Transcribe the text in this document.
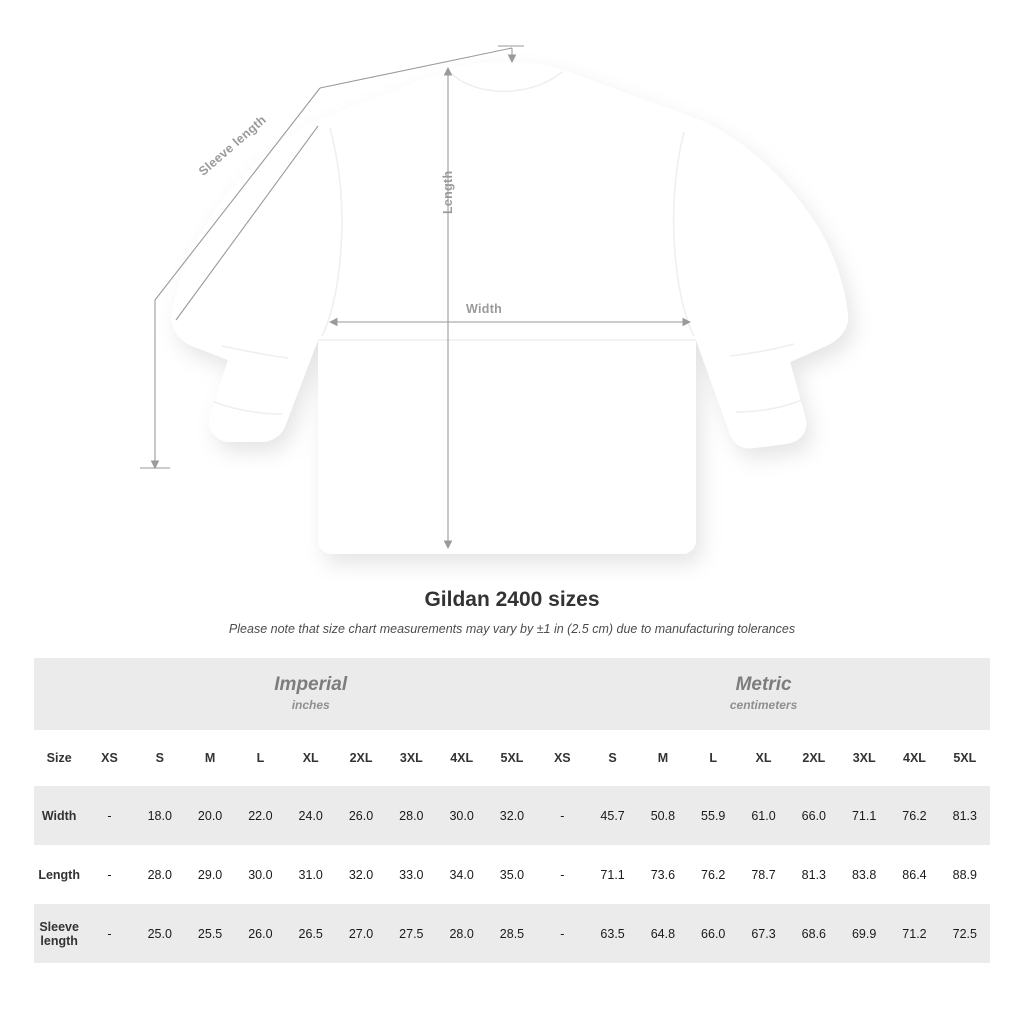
Width
Length
Sleeve length
Gildan 2400 sizes

Please note that size chart measurements may vary by ±1 in (2.5 cm) due to manufacturing tolerances

	Imperial
inches									Metric
centimeters								

Size	XS	S	M	L	XL	2XL	3XL	4XL	5XL	XS	S	M	L	XL	2XL	3XL	4XL	5XL
Width	-	18.0	20.0	22.0	24.0	26.0	28.0	30.0	32.0	-	45.7	50.8	55.9	61.0	66.0	71.1	76.2	81.3
Length	-	28.0	29.0	30.0	31.0	32.0	33.0	34.0	35.0	-	71.1	73.6	76.2	78.7	81.3	83.8	86.4	88.9
Sleeve length	-	25.0	25.5	26.0	26.5	27.0	27.5	28.0	28.5	-	63.5	64.8	66.0	67.3	68.6	69.9	71.2	72.5
